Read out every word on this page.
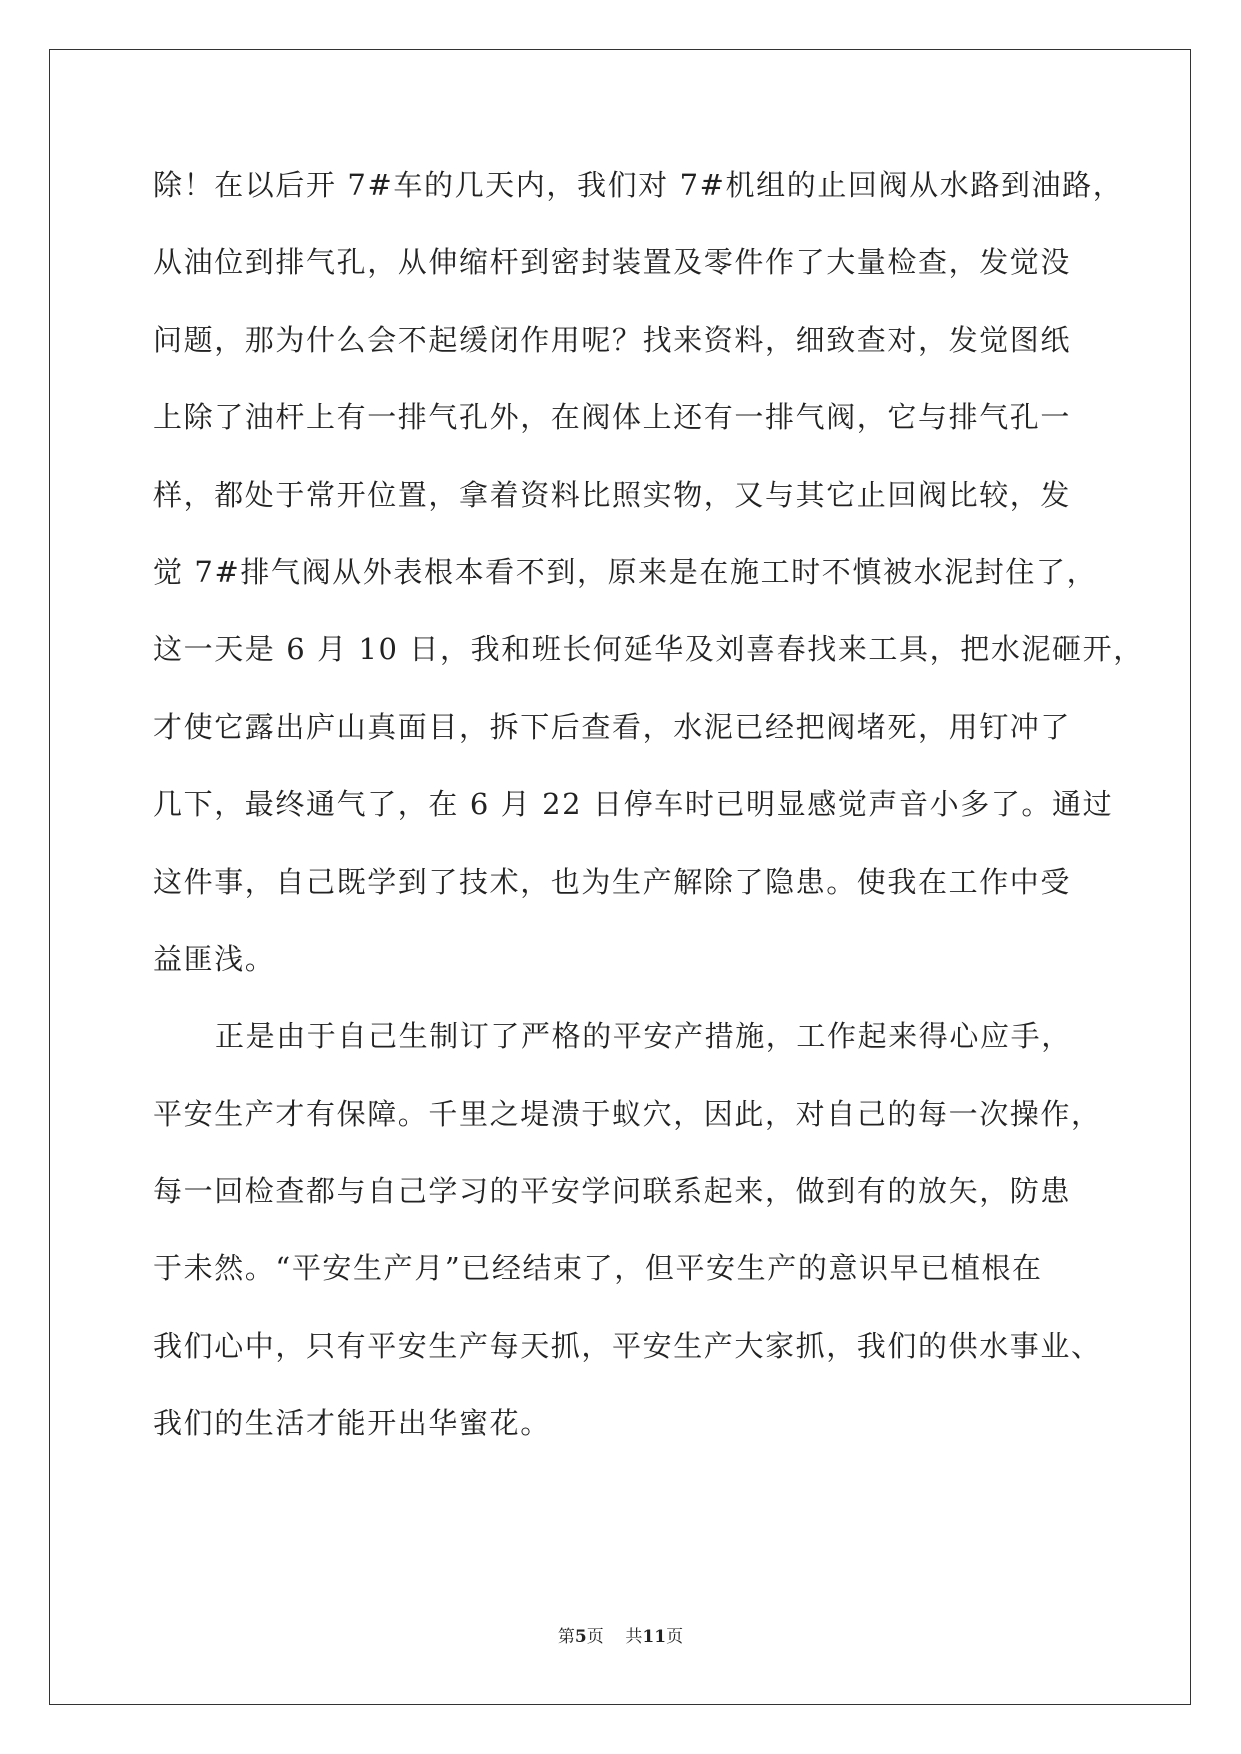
除！在以后开 7#车的几天内，我们对 7#机组的止回阀从水路到油路，
从油位到排气孔，从伸缩杆到密封装置及零件作了大量检查，发觉没
问题，那为什么会不起缓闭作用呢？找来资料，细致查对，发觉图纸
上除了油杆上有一排气孔外，在阀体上还有一排气阀，它与排气孔一
样，都处于常开位置，拿着资料比照实物，又与其它止回阀比较，发
觉 7#排气阀从外表根本看不到，原来是在施工时不慎被水泥封住了，
这一天是 6 月 10 日，我和班长何延华及刘喜春找来工具，把水泥砸开，
才使它露出庐山真面目，拆下后查看，水泥已经把阀堵死，用钉冲了
几下，最终通气了，在 6 月 22 日停车时已明显感觉声音小多了。通过
这件事，自己既学到了技术，也为生产解除了隐患。使我在工作中受
益匪浅。
正是由于自己生制订了严格的平安产措施，工作起来得心应手，
平安生产才有保障。千里之堤溃于蚁穴，因此，对自己的每一次操作，
每一回检查都与自己学习的平安学问联系起来，做到有的放矢，防患
于未然。“平安生产月”已经结束了，但平安生产的意识早已植根在
我们心中，只有平安生产每天抓，平安生产大家抓，我们的供水事业、
我们的生活才能开出华蜜花。
第5页    共11页
